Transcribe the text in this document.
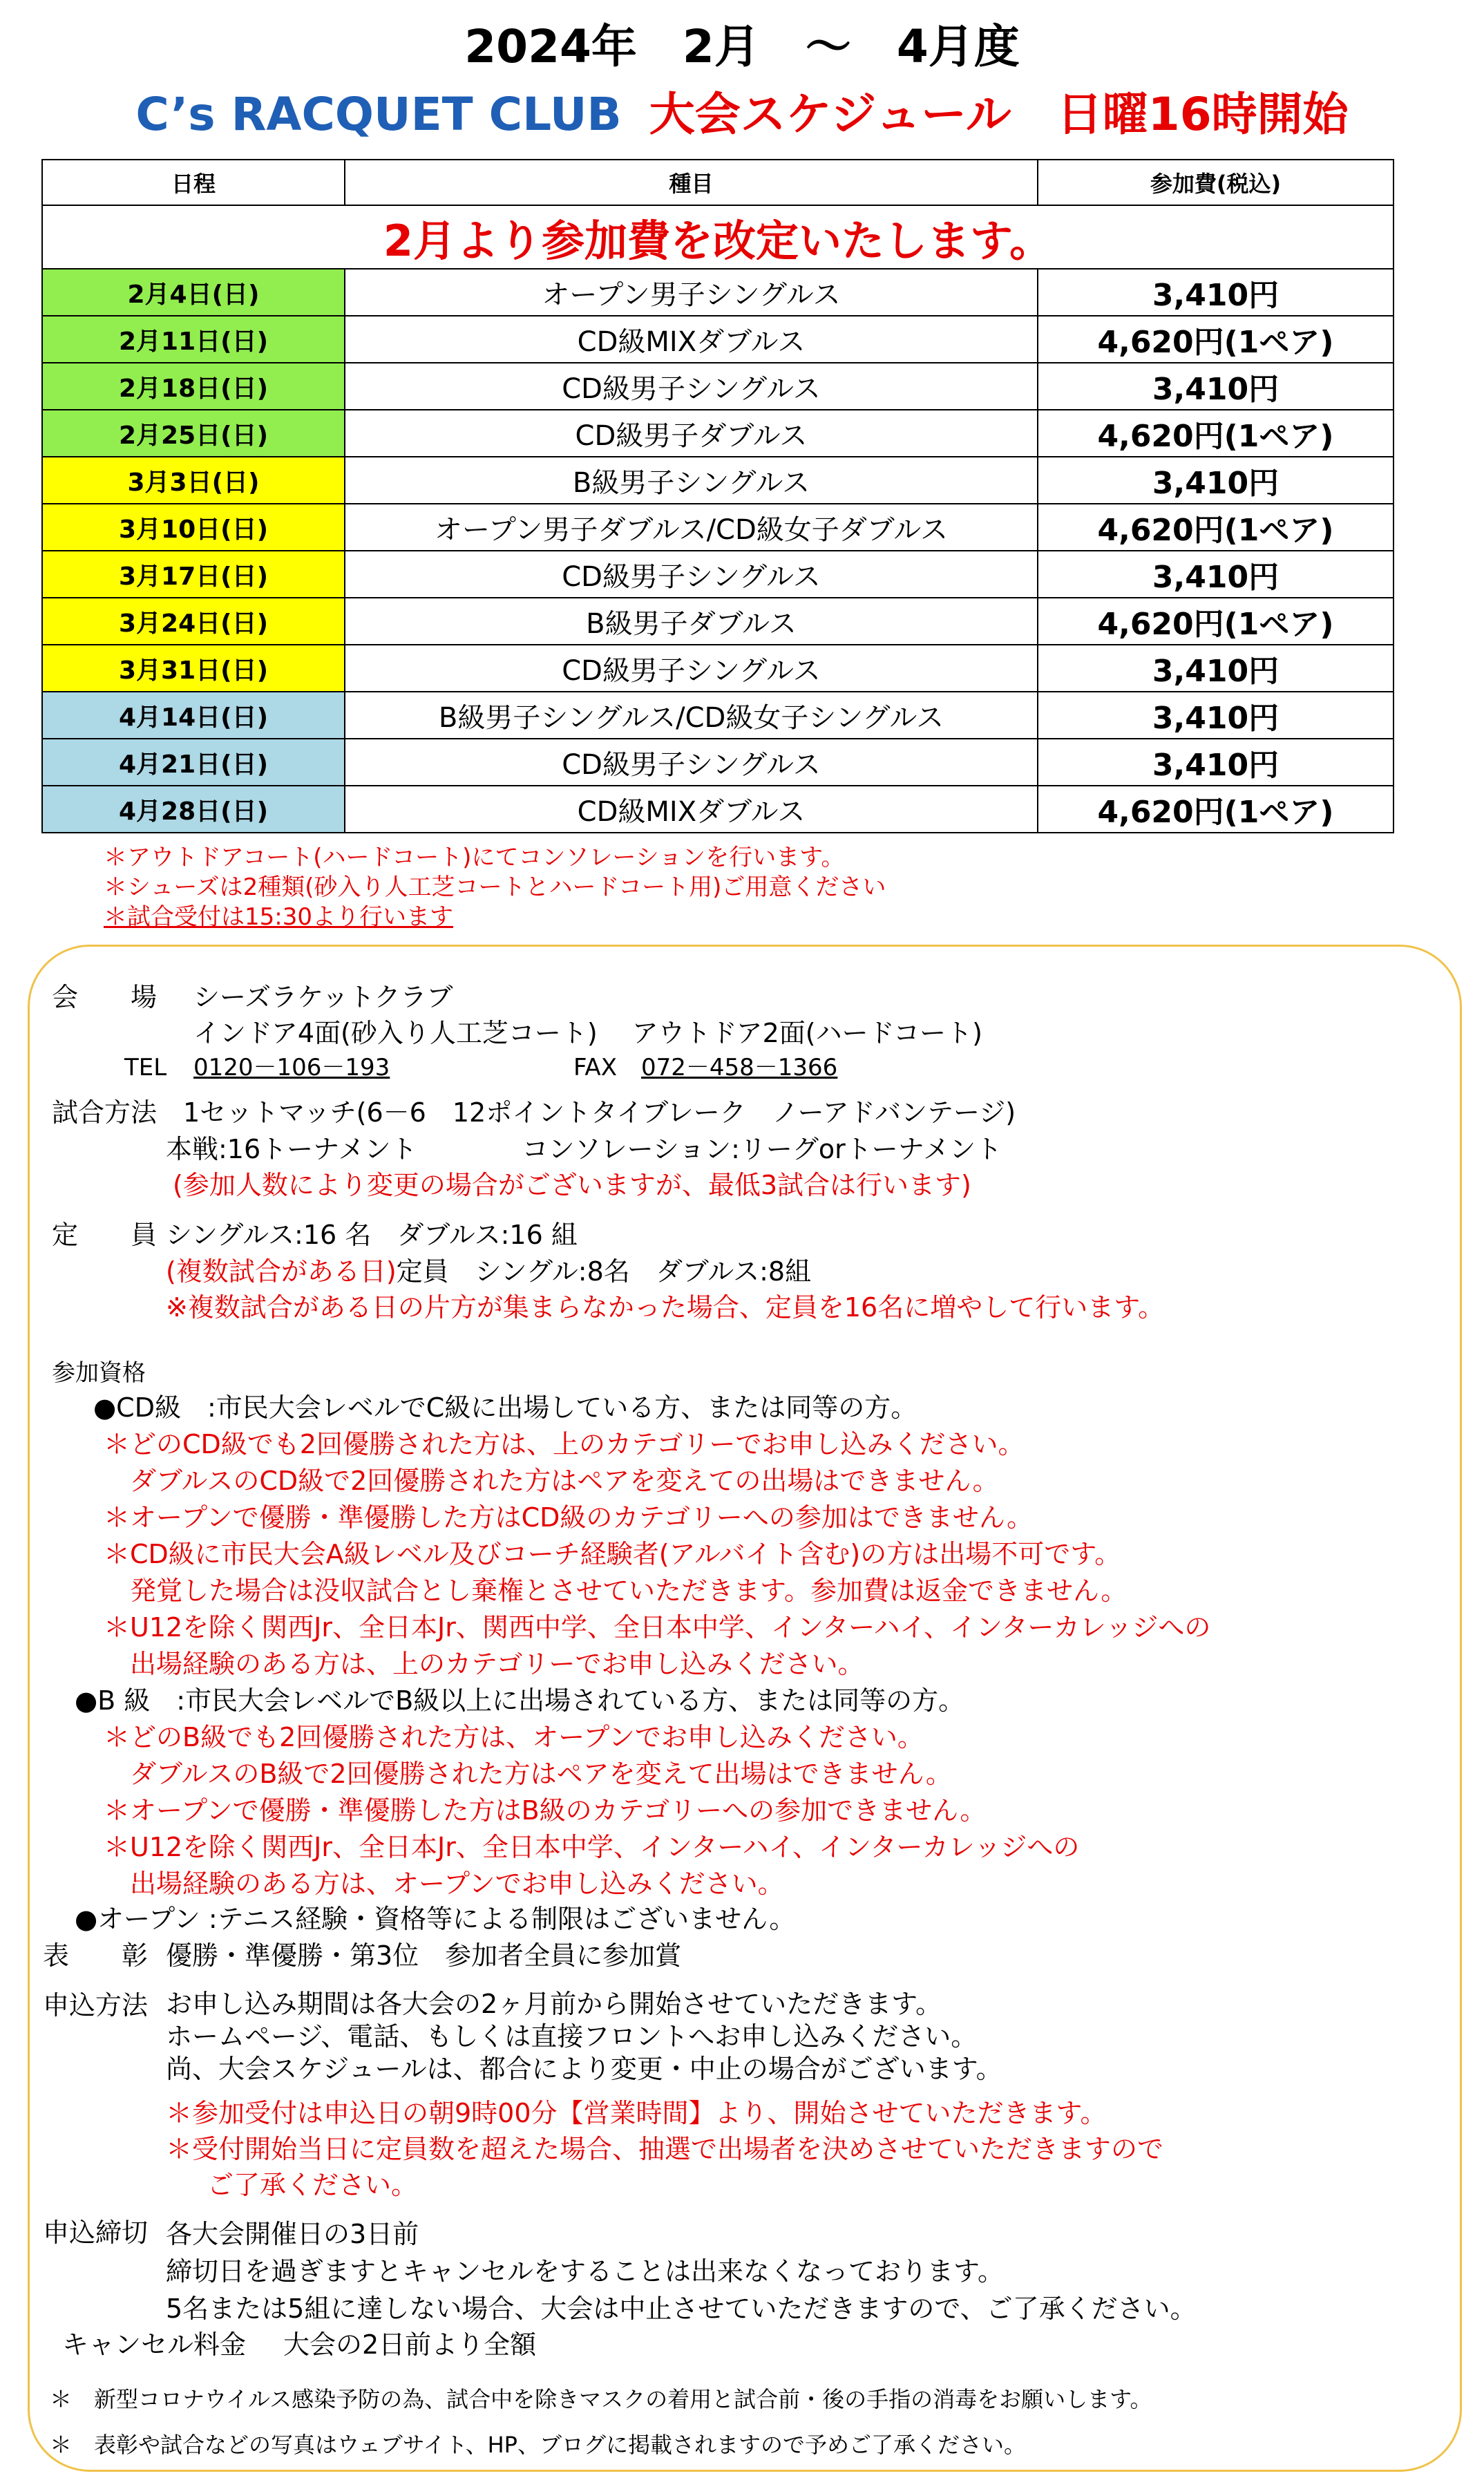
2024年　2月　～　4月度
C’s RACQUET CLUB 大会スケジュール　日曜16時開始
日程	種目	参加費(税込)
2月より参加費を改定いたします。		
2月4日(日)	オープン男子シングルス	3,410円
2月11日(日)	CD級MIXダブルス	4,620円(1ペア)
2月18日(日)	CD級男子シングルス	3,410円
2月25日(日)	CD級男子ダブルス	4,620円(1ペア)
3月3日(日)	B級男子シングルス	3,410円
3月10日(日)	オープン男子ダブルス/CD級女子ダブルス	4,620円(1ペア)
3月17日(日)	CD級男子シングルス	3,410円
3月24日(日)	B級男子ダブルス	4,620円(1ペア)
3月31日(日)	CD級男子シングルス	3,410円
4月14日(日)	B級男子シングルス/CD級女子シングルス	3,410円
4月21日(日)	CD級男子シングルス	3,410円
4月28日(日)	CD級MIXダブルス	4,620円(1ペア)
＊アウトドアコート(ハードコート)にてコンソレーションを行います。
＊シューズは2種類(砂入り人工芝コートとハードコート用)ご用意ください
＊試合受付は15:30より行います
会　　場 シーズラケットクラブ
インドア4面(砂入り人工芝コート)　 アウトドア2面(ハードコート)
TEL 0120－106－193	FAX 072－458－1366
試合方法 1セットマッチ(6－6　12ポイントタイブレーク　ノーアドバンテージ)
本戦:16トーナメント　　　　コンソレーション:リーグorトーナメント
(参加人数により変更の場合がございますが、最低3試合は行います)
定　　員 シングルス:16 名　ダブルス:16 組
(複数試合がある日)定員　シングル:8名　ダブルス:8組
※複数試合がある日の片方が集まらなかった場合、定員を16名に増やして行います。
参加資格
●CD級　:市民大会レベルでC級に出場している方、または同等の方。
＊どのCD級でも2回優勝された方は、上のカテゴリーでお申し込みください。
　ダブルスのCD級で2回優勝された方はペアを変えての出場はできません。
＊オープンで優勝・準優勝した方はCD級のカテゴリーへの参加はできません。
＊CD級に市民大会A級レベル及びコーチ経験者(アルバイト含む)の方は出場不可です。
　発覚した場合は没収試合とし棄権とさせていただきます。参加費は返金できません。
＊U12を除く関西Jr、全日本Jr、関西中学、全日本中学、インターハイ、インターカレッジへの
　出場経験のある方は、上のカテゴリーでお申し込みください。
●B 級　:市民大会レベルでB級以上に出場されている方、または同等の方。
＊どのB級でも2回優勝された方は、オープンでお申し込みください。
　ダブルスのB級で2回優勝された方はペアを変えて出場はできません。
＊オープンで優勝・準優勝した方はB級のカテゴリーへの参加できません。
＊U12を除く関西Jr、全日本Jr、全日本中学、インターハイ、インターカレッジへの
　出場経験のある方は、オープンでお申し込みください。
●オープン :テニス経験・資格等による制限はございません。
表　　彰 優勝・準優勝・第3位　参加者全員に参加賞
申込方法 お申し込み期間は各大会の2ヶ月前から開始させていただきます。
ホームページ、電話、もしくは直接フロントへお申し込みください。
尚、大会スケジュールは、都合により変更・中止の場合がございます。
＊参加受付は申込日の朝9時00分【営業時間】より、開始させていただきます。
＊受付開始当日に定員数を超えた場合、抽選で出場者を決めさせていただきますので
ご了承ください。
申込締切 各大会開催日の3日前
締切日を過ぎますとキャンセルをすることは出来なくなっております。
5名または5組に達しない場合、大会は中止させていただきますので、ご了承ください。
キャンセル料金 大会の2日前より全額
＊　新型コロナウイルス感染予防の為、試合中を除きマスクの着用と試合前・後の手指の消毒をお願いします。
＊　表彰や試合などの写真はウェブサイト、HP、ブログに掲載されますので予めご了承ください。
